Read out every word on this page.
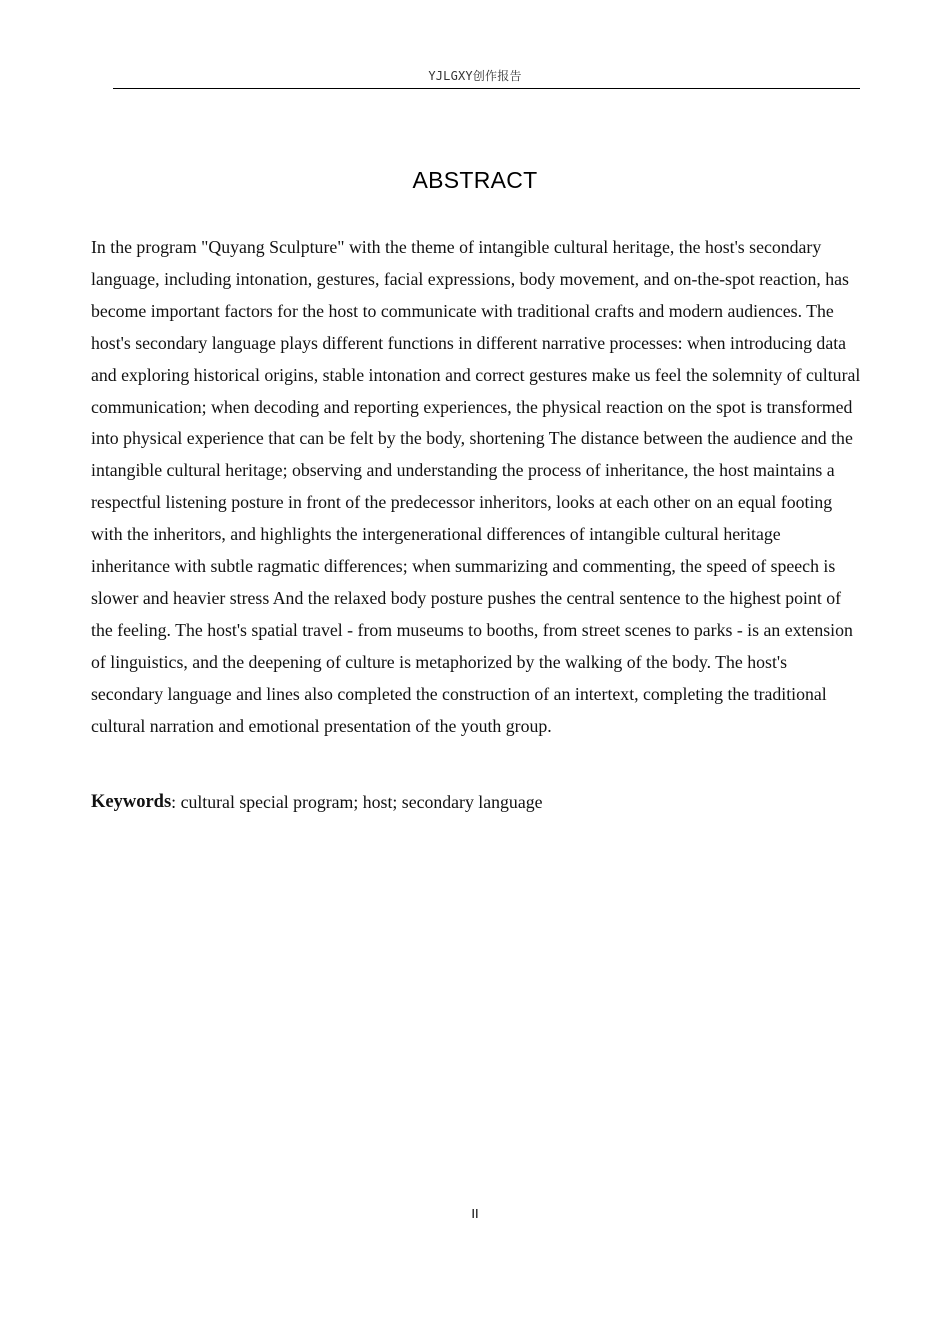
YJLGXY创作报告
ABSTRACT

In the program "Quyang Sculpture" with the theme of intangible cultural heritage, the host's secondary language, including intonation, gestures, facial expressions, body movement, and on-the-spot reaction, has become important factors for the host to communicate with traditional crafts and modern audiences. The host's secondary language plays different functions in different narrative processes: when introducing data and exploring historical origins, stable intonation and correct gestures make us feel the solemnity of cultural communication; when decoding and reporting experiences, the physical reaction on the spot is transformed into physical experience that can be felt by the body, shortening The distance between the audience and the intangible cultural heritage; observing and understanding the process of inheritance, the host maintains a respectful listening posture in front of the predecessor inheritors, looks at each other on an equal footing with the inheritors, and highlights the intergenerational differences of intangible cultural heritage inheritance with subtle ragmatic differences; when summarizing and commenting, the speed of speech is slower and heavier stress And the relaxed body posture pushes the central sentence to the highest point of the feeling. The host's spatial travel - from museums to booths, from street scenes to parks - is an extension of linguistics, and the deepening of culture is metaphorized by the walking of the body. The host's secondary language and lines also completed the construction of an intertext, completing the traditional cultural narration and emotional presentation of the youth group.

Keywords: cultural special program; host; secondary language
II
